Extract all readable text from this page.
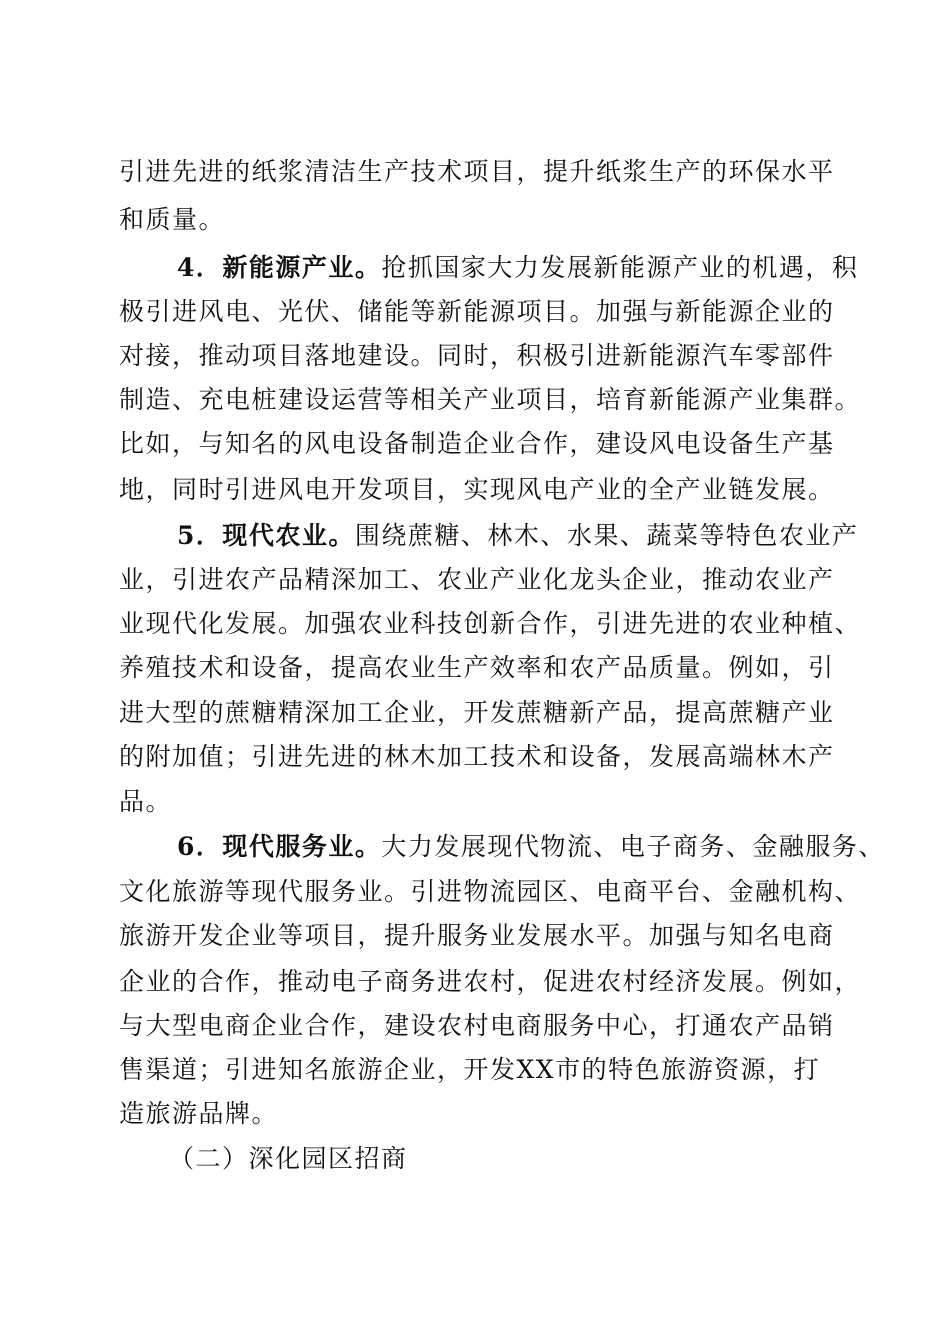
引进先进的纸浆清洁生产技术项目，提升纸浆生产的环保水平
和质量。
4．新能源产业。抢抓国家大力发展新能源产业的机遇，积
极引进风电、光伏、储能等新能源项目。加强与新能源企业的
对接，推动项目落地建设。同时，积极引进新能源汽车零部件
制造、充电桩建设运营等相关产业项目，培育新能源产业集群。
比如，与知名的风电设备制造企业合作，建设风电设备生产基
地，同时引进风电开发项目，实现风电产业的全产业链发展。
5．现代农业。围绕蔗糖、林木、水果、蔬菜等特色农业产
业，引进农产品精深加工、农业产业化龙头企业，推动农业产
业现代化发展。加强农业科技创新合作，引进先进的农业种植、
养殖技术和设备，提高农业生产效率和农产品质量。例如，引
进大型的蔗糖精深加工企业，开发蔗糖新产品，提高蔗糖产业
的附加值；引进先进的林木加工技术和设备，发展高端林木产
品。
6．现代服务业。大力发展现代物流、电子商务、金融服务、
文化旅游等现代服务业。引进物流园区、电商平台、金融机构、
旅游开发企业等项目，提升服务业发展水平。加强与知名电商
企业的合作，推动电子商务进农村，促进农村经济发展。例如，
与大型电商企业合作，建设农村电商服务中心，打通农产品销
售渠道；引进知名旅游企业，开发XX市的特色旅游资源，打
造旅游品牌。
（二）深化园区招商
